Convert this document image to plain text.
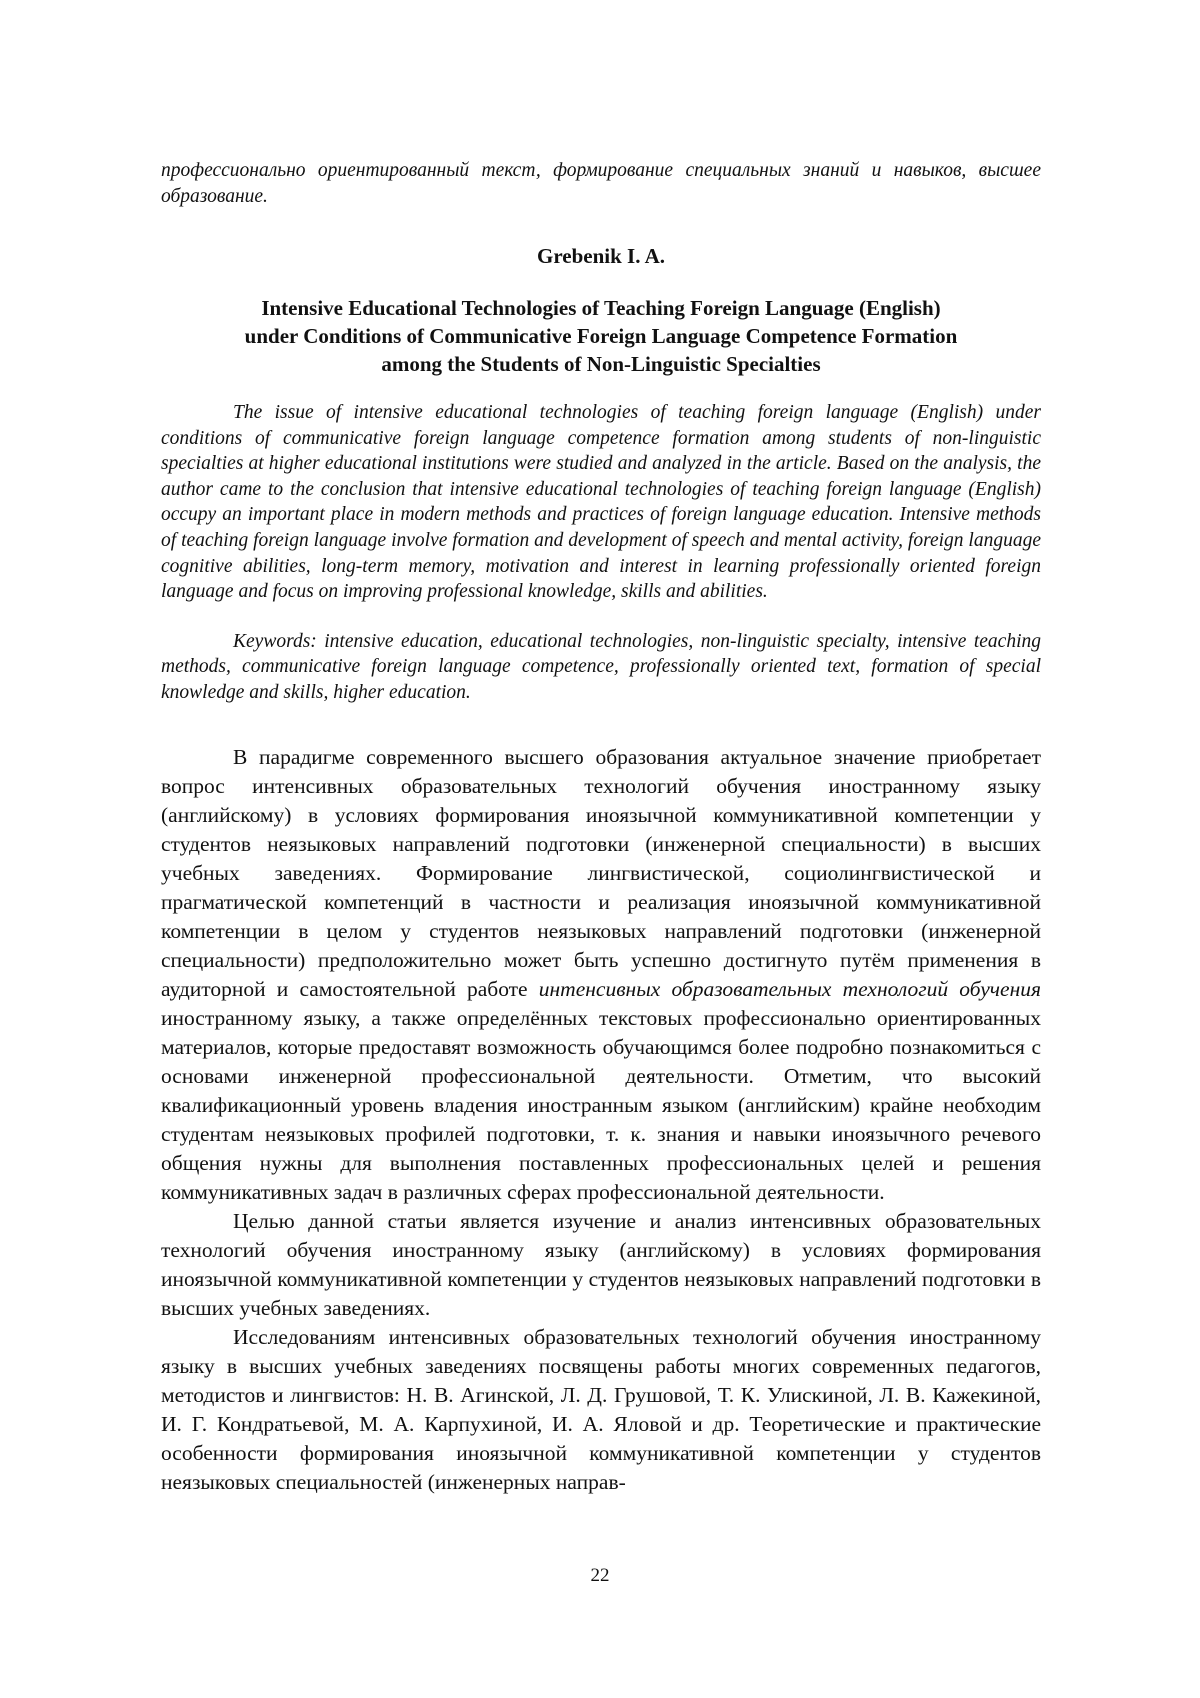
профессионально ориентированный текст, формирование специальных знаний и навыков, высшее образование.

Grebenik I. A.
Intensive Educational Technologies of Teaching Foreign Language (English)
under Conditions of Communicative Foreign Language Competence Formation
among the Students of Non-Linguistic Specialties

The issue of intensive educational technologies of teaching foreign language (English) under conditions of communicative foreign language competence formation among students of non-linguistic specialties at higher educational institutions were studied and analyzed in the article. Based on the analysis, the author came to the conclusion that intensive educational technologies of teaching foreign language (English) occupy an important place in modern methods and practices of foreign language education. Intensive methods of teaching foreign language involve formation and development of speech and mental activity, foreign language cognitive abilities, long-term memory, motivation and interest in learning professionally oriented foreign language and focus on improving professional knowledge, skills and abilities.

Keywords: intensive education, educational technologies, non-linguistic specialty, intensive teaching methods, communicative foreign language competence, professionally oriented text, formation of special knowledge and skills, higher education.

В парадигме современного высшего образования актуальное значение приобретает вопрос интенсивных образовательных технологий обучения иностранному языку (английскому) в условиях формирования иноязычной коммуникативной компетенции у студентов неязыковых направлений подготовки (инженерной специальности) в высших учебных заведениях. Формирование лингвистической, социолингвистической и прагматической компетенций в частности и реализация иноязычной коммуникативной компетенции в целом у студентов неязыковых направлений подготовки (инженерной специальности) предположительно может быть успешно достигнуто путём применения в аудиторной и самостоятельной работе интенсивных образовательных технологий обучения иностранному языку, а также определённых текстовых профессионально ориентированных материалов, которые предоставят возможность обучающимся более подробно познакомиться с основами инженерной профессиональной деятельности. Отметим, что высокий квалификационный уровень владения иностранным языком (английским) крайне необходим студентам неязыковых профилей подготовки, т. к. знания и навыки иноязычного речевого общения нужны для выполнения поставленных профессиональных целей и решения коммуникативных задач в различных сферах профессиональной деятельности.

Целью данной статьи является изучение и анализ интенсивных образовательных технологий обучения иностранному языку (английскому) в условиях формирования иноязычной коммуникативной компетенции у студентов неязыковых направлений подготовки в высших учебных заведениях.

Исследованиям интенсивных образовательных технологий обучения иностранному языку в высших учебных заведениях посвящены работы многих современных педагогов, методистов и лингвистов: Н. В. Агинской, Л. Д. Грушовой, Т. К. Улискиной, Л. В. Кажекиной, И. Г. Кондратьевой, М. А. Карпухиной, И. А. Яловой и др. Теоретические и практические особенности формирования иноязычной коммуникативной компетенции у студентов неязыковых специальностей (инженерных направ-

22
